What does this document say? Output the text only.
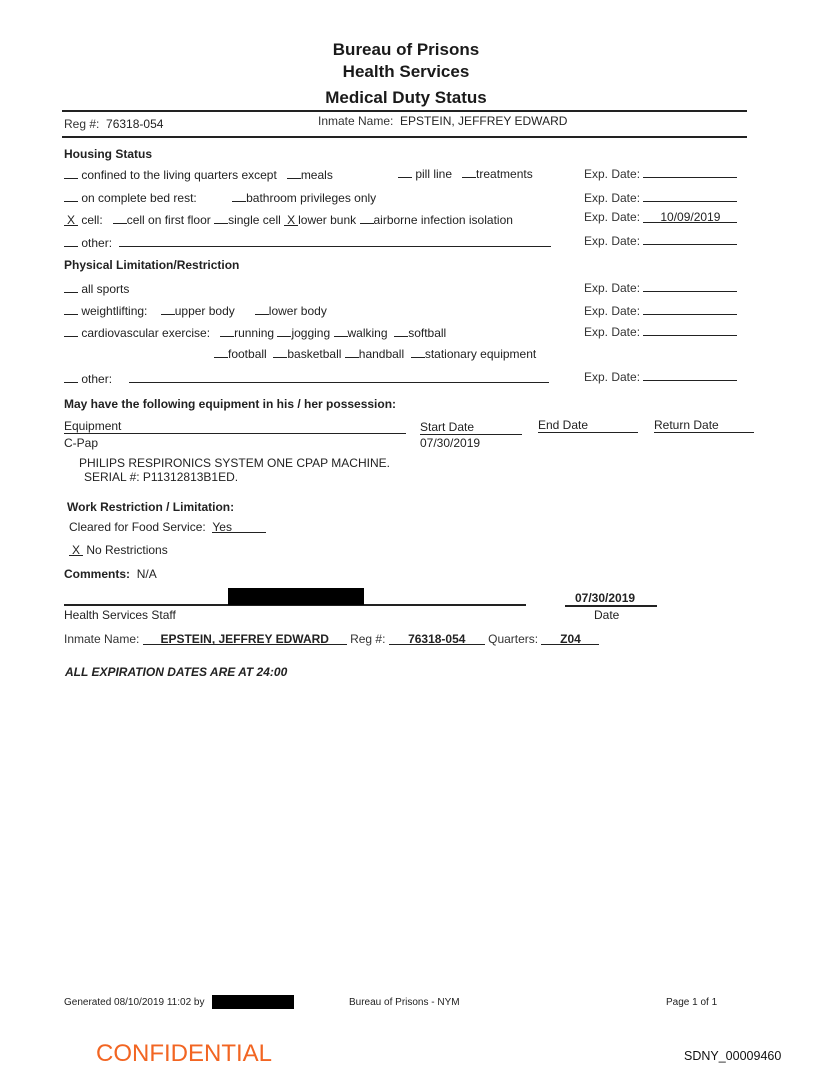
Bureau of Prisons
Health Services
Medical Duty Status
Reg #: 76318-054	Inmate Name: EPSTEIN, JEFFREY EDWARD
Housing Status
confined to the living quarters except meals	pill line treatments	Exp. Date:
on complete bed rest:	bathroom privileges only	Exp. Date:
X cell: cell on first floor single cell X lower bunk airborne infection isolation	Exp. Date: 10/09/2019
other:	Exp. Date:
Physical Limitation/Restriction
all sports	Exp. Date:
weightlifting: upper body	lower body	Exp. Date:
cardiovascular exercise: running jogging walking softball	Exp. Date:
football basketball handball stationary equipment
other:	Exp. Date:
May have the following equipment in his / her possession:
Equipment	Start Date	End Date	Return Date
C-Pap	07/30/2019
PHILIPS RESPIRONICS SYSTEM ONE CPAP MACHINE.
SERIAL #: P11312813B1ED.
Work Restriction / Limitation:
Cleared for Food Service: Yes
X No Restrictions
Comments: N/A
07/30/2019
Health Services Staff	Date
Inmate Name: EPSTEIN, JEFFREY EDWARD Reg #: 76318-054 Quarters: Z04
ALL EXPIRATION DATES ARE AT 24:00
Generated 08/10/2019 11:02 by	Bureau of Prisons - NYM	Page 1 of 1
CONFIDENTIAL	SDNY_00009460
